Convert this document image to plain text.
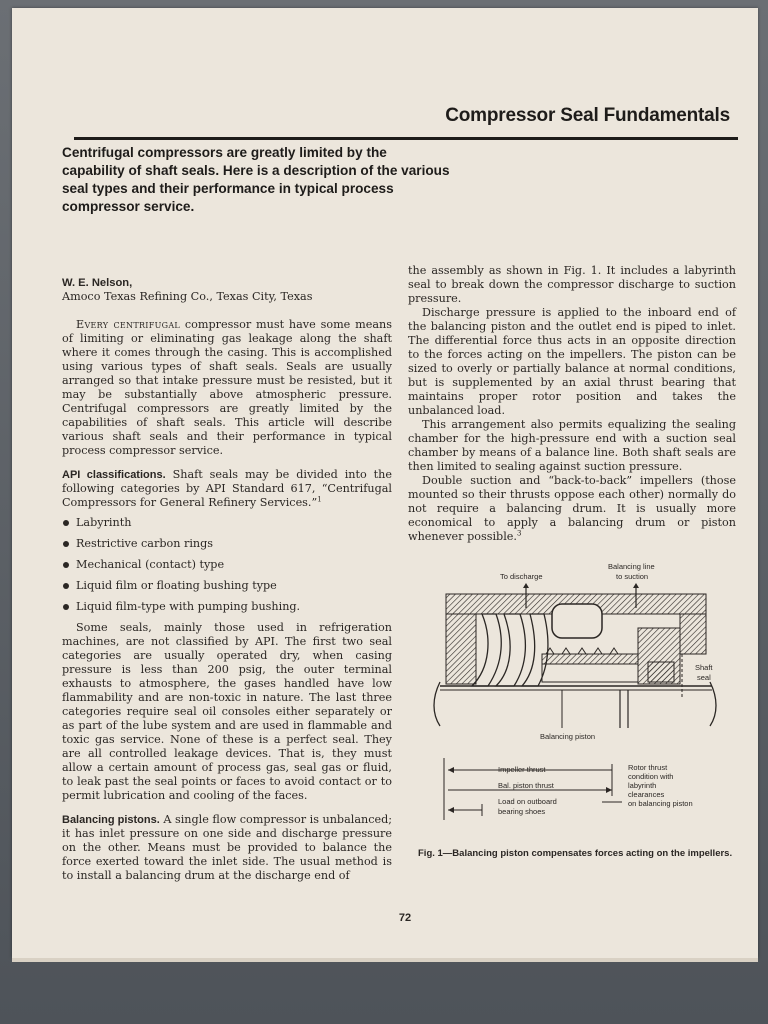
Compressor Seal Fundamentals
Centrifugal compressors are greatly limited by the capability of shaft seals. Here is a description of the various seal types and their performance in typical process compressor service.
W. E. Nelson,
Amoco Texas Refining Co., Texas City, Texas

Every centrifugal compressor must have some means of limiting or eliminating gas leakage along the shaft where it comes through the casing. This is accomplished using various types of shaft seals. Seals are usually arranged so that intake pressure must be resisted, but it may be substantially above atmospheric pressure. Centrifugal compressors are greatly limited by the capabilities of shaft seals. This article will describe various shaft seals and their performance in typical process compressor service.

API classifications. Shaft seals may be divided into the following categories by API Standard 617, “Centrifugal Compressors for General Refinery Services.”$^1$

Labyrinth
Restrictive carbon rings
Mechanical (contact) type
Liquid film or floating bushing type
Liquid film-type with pumping bushing.

Some seals, mainly those used in refrigeration machines, are not classified by API. The first two seal categories are usually operated dry, when casing pressure is less than 200 psig, the outer terminal exhausts to atmosphere, the gases handled have low flammability and are non-toxic in nature. The last three categories require seal oil consoles either separately or as part of the lube system and are used in flammable and toxic gas service. None of these is a perfect seal. They are all controlled leakage devices. That is, they must allow a certain amount of process gas, seal gas or fluid, to leak past the seal points or faces to avoid contact or to permit lubrication and cooling of the faces.

Balancing pistons. A single flow compressor is unbalanced; it has inlet pressure on one side and discharge pressure on the other. Means must be provided to balance the force exerted toward the inlet side. The usual method is to install a balancing drum at the discharge end of

the assembly as shown in Fig. 1. It includes a labyrinth seal to break down the compressor discharge to suction pressure.

Discharge pressure is applied to the inboard end of the balancing piston and the outlet end is piped to inlet. The differential force thus acts in an opposite direction to the forces acting on the impellers. The piston can be sized to overly or partially balance at normal conditions, but is supplemented by an axial thrust bearing that maintains proper rotor position and takes the unbalanced load.

This arrangement also permits equalizing the sealing chamber for the high-pressure end with a suction seal chamber by means of a balance line. Both shaft seals are then limited to sealing against suction pressure.

Double suction and “back-to-back” impellers (those mounted so their thrusts oppose each other) normally do not require a balancing drum. It is usually more economical to apply a balancing drum or piston whenever possible.$^3$

To discharge
Balancing line
to suction
Shaft
seal
Balancing piston
Impeller thrust
Bal. piston thrust
Load on outboard
bearing shoes
Rotor thrust
condition with
labyrinth
clearances
on balancing piston
Fig. 1—Balancing piston compensates forces acting on the impellers.
72
